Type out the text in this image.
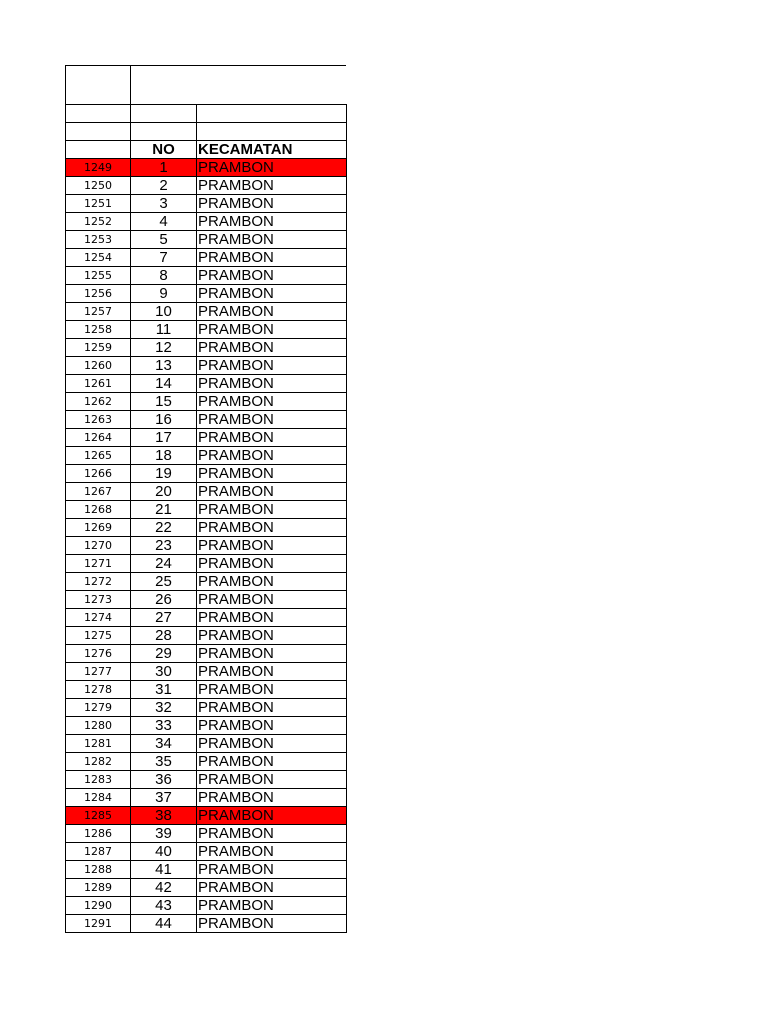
	NO	KECAMATAN
1249	1	PRAMBON
1250	2	PRAMBON
1251	3	PRAMBON
1252	4	PRAMBON
1253	5	PRAMBON
1254	7	PRAMBON
1255	8	PRAMBON
1256	9	PRAMBON
1257	10	PRAMBON
1258	11	PRAMBON
1259	12	PRAMBON
1260	13	PRAMBON
1261	14	PRAMBON
1262	15	PRAMBON
1263	16	PRAMBON
1264	17	PRAMBON
1265	18	PRAMBON
1266	19	PRAMBON
1267	20	PRAMBON
1268	21	PRAMBON
1269	22	PRAMBON
1270	23	PRAMBON
1271	24	PRAMBON
1272	25	PRAMBON
1273	26	PRAMBON
1274	27	PRAMBON
1275	28	PRAMBON
1276	29	PRAMBON
1277	30	PRAMBON
1278	31	PRAMBON
1279	32	PRAMBON
1280	33	PRAMBON
1281	34	PRAMBON
1282	35	PRAMBON
1283	36	PRAMBON
1284	37	PRAMBON
1285	38	PRAMBON
1286	39	PRAMBON
1287	40	PRAMBON
1288	41	PRAMBON
1289	42	PRAMBON
1290	43	PRAMBON
1291	44	PRAMBON
